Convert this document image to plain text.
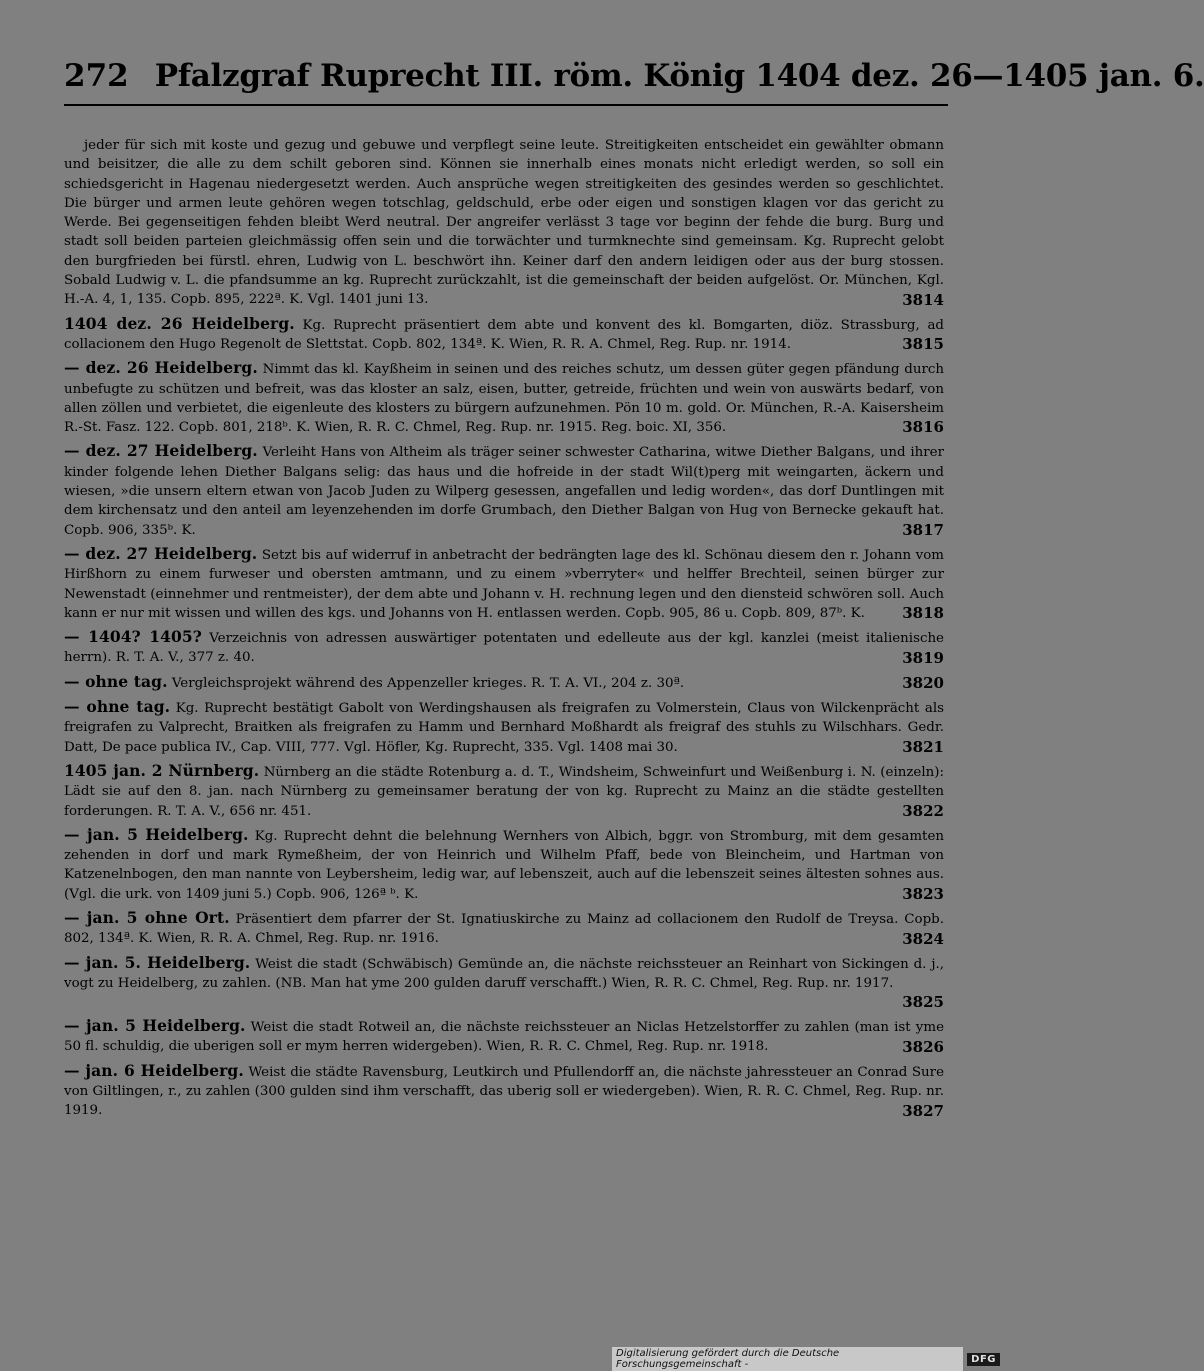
272 Pfalzgraf Ruprecht III. röm. König 1404 dez. 26—1405 jan. 6.

jeder für sich mit koste und gezug und gebuwe und verpflegt seine leute. Streitigkeiten entscheidet ein gewählter obmann und beisitzer, die alle zu dem schilt geboren sind. Können sie innerhalb eines monats nicht erledigt werden, so soll ein schiedsgericht in Hagenau niedergesetzt werden. Auch ansprüche wegen streitigkeiten des gesindes werden so geschlichtet. Die bürger und armen leute gehören wegen totschlag, geldschuld, erbe oder eigen und sonstigen klagen vor das gericht zu Werde. Bei gegenseitigen fehden bleibt Werd neutral. Der angreifer verlässt 3 tage vor beginn der fehde die burg. Burg und stadt soll beiden parteien gleichmässig offen sein und die torwächter und turmknechte sind gemeinsam. Kg. Ruprecht gelobt den burgfrieden bei fürstl. ehren, Ludwig von L. beschwört ihn. Keiner darf den andern leidigen oder aus der burg stossen. Sobald Ludwig v. L. die pfandsumme an kg. Ruprecht zurückzahlt, ist die gemeinschaft der beiden aufgelöst. Or. München, Kgl. H.-A. 4, 1, 135. Copb. 895, 222ª. K. Vgl. 1401 juni 13.	3814

1404 dez. 26 Heidelberg. Kg. Ruprecht präsentiert dem abte und konvent des kl. Bomgarten, diöz. Strassburg, ad collacionem den Hugo Regenolt de Slettstat. Copb. 802, 134ª. K. Wien, R. R. A. Chmel, Reg. Rup. nr. 1914.	3815

— dez. 26 Heidelberg. Nimmt das kl. Kayßheim in seinen und des reiches schutz, um dessen güter gegen pfändung durch unbefugte zu schützen und befreit, was das kloster an salz, eisen, butter, getreide, früchten und wein von auswärts bedarf, von allen zöllen und verbietet, die eigenleute des klosters zu bürgern aufzunehmen. Pön 10 m. gold. Or. München, R.-A. Kaisersheim R.-St. Fasz. 122. Copb. 801, 218ᵇ. K. Wien, R. R. C. Chmel, Reg. Rup. nr. 1915. Reg. boic. XI, 356.	3816

— dez. 27 Heidelberg. Verleiht Hans von Altheim als träger seiner schwester Catharina, witwe Diether Balgans, und ihrer kinder folgende lehen Diether Balgans selig: das haus und die hofreide in der stadt Wil(t)perg mit weingarten, äckern und wiesen, »die unsern eltern etwan von Jacob Juden zu Wilperg gesessen, angefallen und ledig worden«, das dorf Duntlingen mit dem kirchensatz und den anteil am leyenzehenden im dorfe Grumbach, den Diether Balgan von Hug von Bernecke gekauft hat. Copb. 906, 335ᵇ. K.	3817

— dez. 27 Heidelberg. Setzt bis auf widerruf in anbetracht der bedrängten lage des kl. Schönau diesem den r. Johann vom Hirßhorn zu einem furweser und obersten amtmann, und zu einem »vberryter« und helffer Brechteil, seinen bürger zur Newenstadt (einnehmer und rentmeister), der dem abte und Johann v. H. rechnung legen und den diensteid schwören soll. Auch kann er nur mit wissen und willen des kgs. und Johanns von H. entlassen werden. Copb. 905, 86 u. Copb. 809, 87ᵇ. K.	3818

— 1404? 1405? Verzeichnis von adressen auswärtiger potentaten und edelleute aus der kgl. kanzlei (meist italienische herrn). R. T. A. V., 377 z. 40.	3819

— ohne tag. Vergleichsprojekt während des Appenzeller krieges. R. T. A. VI., 204 z. 30ª.	3820

— ohne tag. Kg. Ruprecht bestätigt Gabolt von Werdingshausen als freigrafen zu Volmerstein, Claus von Wilckenprächt als freigrafen zu Valprecht, Braitken als freigrafen zu Hamm und Bernhard Moßhardt als freigraf des stuhls zu Wilschhars. Gedr. Datt, De pace publica IV., Cap. VIII, 777. Vgl. Höfler, Kg. Ruprecht, 335. Vgl. 1408 mai 30.	3821

1405 jan. 2 Nürnberg. Nürnberg an die städte Rotenburg a. d. T., Windsheim, Schweinfurt und Weißenburg i. N. (einzeln): Lädt sie auf den 8. jan. nach Nürnberg zu gemeinsamer beratung der von kg. Ruprecht zu Mainz an die städte gestellten forderungen. R. T. A. V., 656 nr. 451.	3822

— jan. 5 Heidelberg. Kg. Ruprecht dehnt die belehnung Wernhers von Albich, bggr. von Stromburg, mit dem gesamten zehenden in dorf und mark Rymeßheim, der von Heinrich und Wilhelm Pfaff, bede von Bleincheim, und Hartman von Katzenelnbogen, den man nannte von Leybersheim, ledig war, auf lebenszeit, auch auf die lebenszeit seines ältesten sohnes aus. (Vgl. die urk. von 1409 juni 5.) Copb. 906, 126ª ᵇ. K.	3823

— jan. 5 ohne Ort. Präsentiert dem pfarrer der St. Ignatiuskirche zu Mainz ad collacionem den Rudolf de Treysa. Copb. 802, 134ª. K. Wien, R. R. A. Chmel, Reg. Rup. nr. 1916.	3824

— jan. 5. Heidelberg. Weist die stadt (Schwäbisch) Gemünde an, die nächste reichssteuer an Reinhart von Sickingen d. j., vogt zu Heidelberg, zu zahlen. (NB. Man hat yme 200 gulden daruff verschafft.) Wien, R. R. C. Chmel, Reg. Rup. nr. 1917.
3825

— jan. 5 Heidelberg. Weist die stadt Rotweil an, die nächste reichssteuer an Niclas Hetzelstorffer zu zahlen (man ist yme 50 fl. schuldig, die uberigen soll er mym herren widergeben). Wien, R. R. C. Chmel, Reg. Rup. nr. 1918.	3826

— jan. 6 Heidelberg. Weist die städte Ravensburg, Leutkirch und Pfullendorff an, die nächste jahressteuer an Conrad Sure von Giltlingen, r., zu zahlen (300 gulden sind ihm verschafft, das uberig soll er wiedergeben). Wien, R. R. C. Chmel, Reg. Rup. nr. 1919.	3827

Digitalisierung gefördert durch die Deutsche Forschungsgemeinschaft -	DFG
